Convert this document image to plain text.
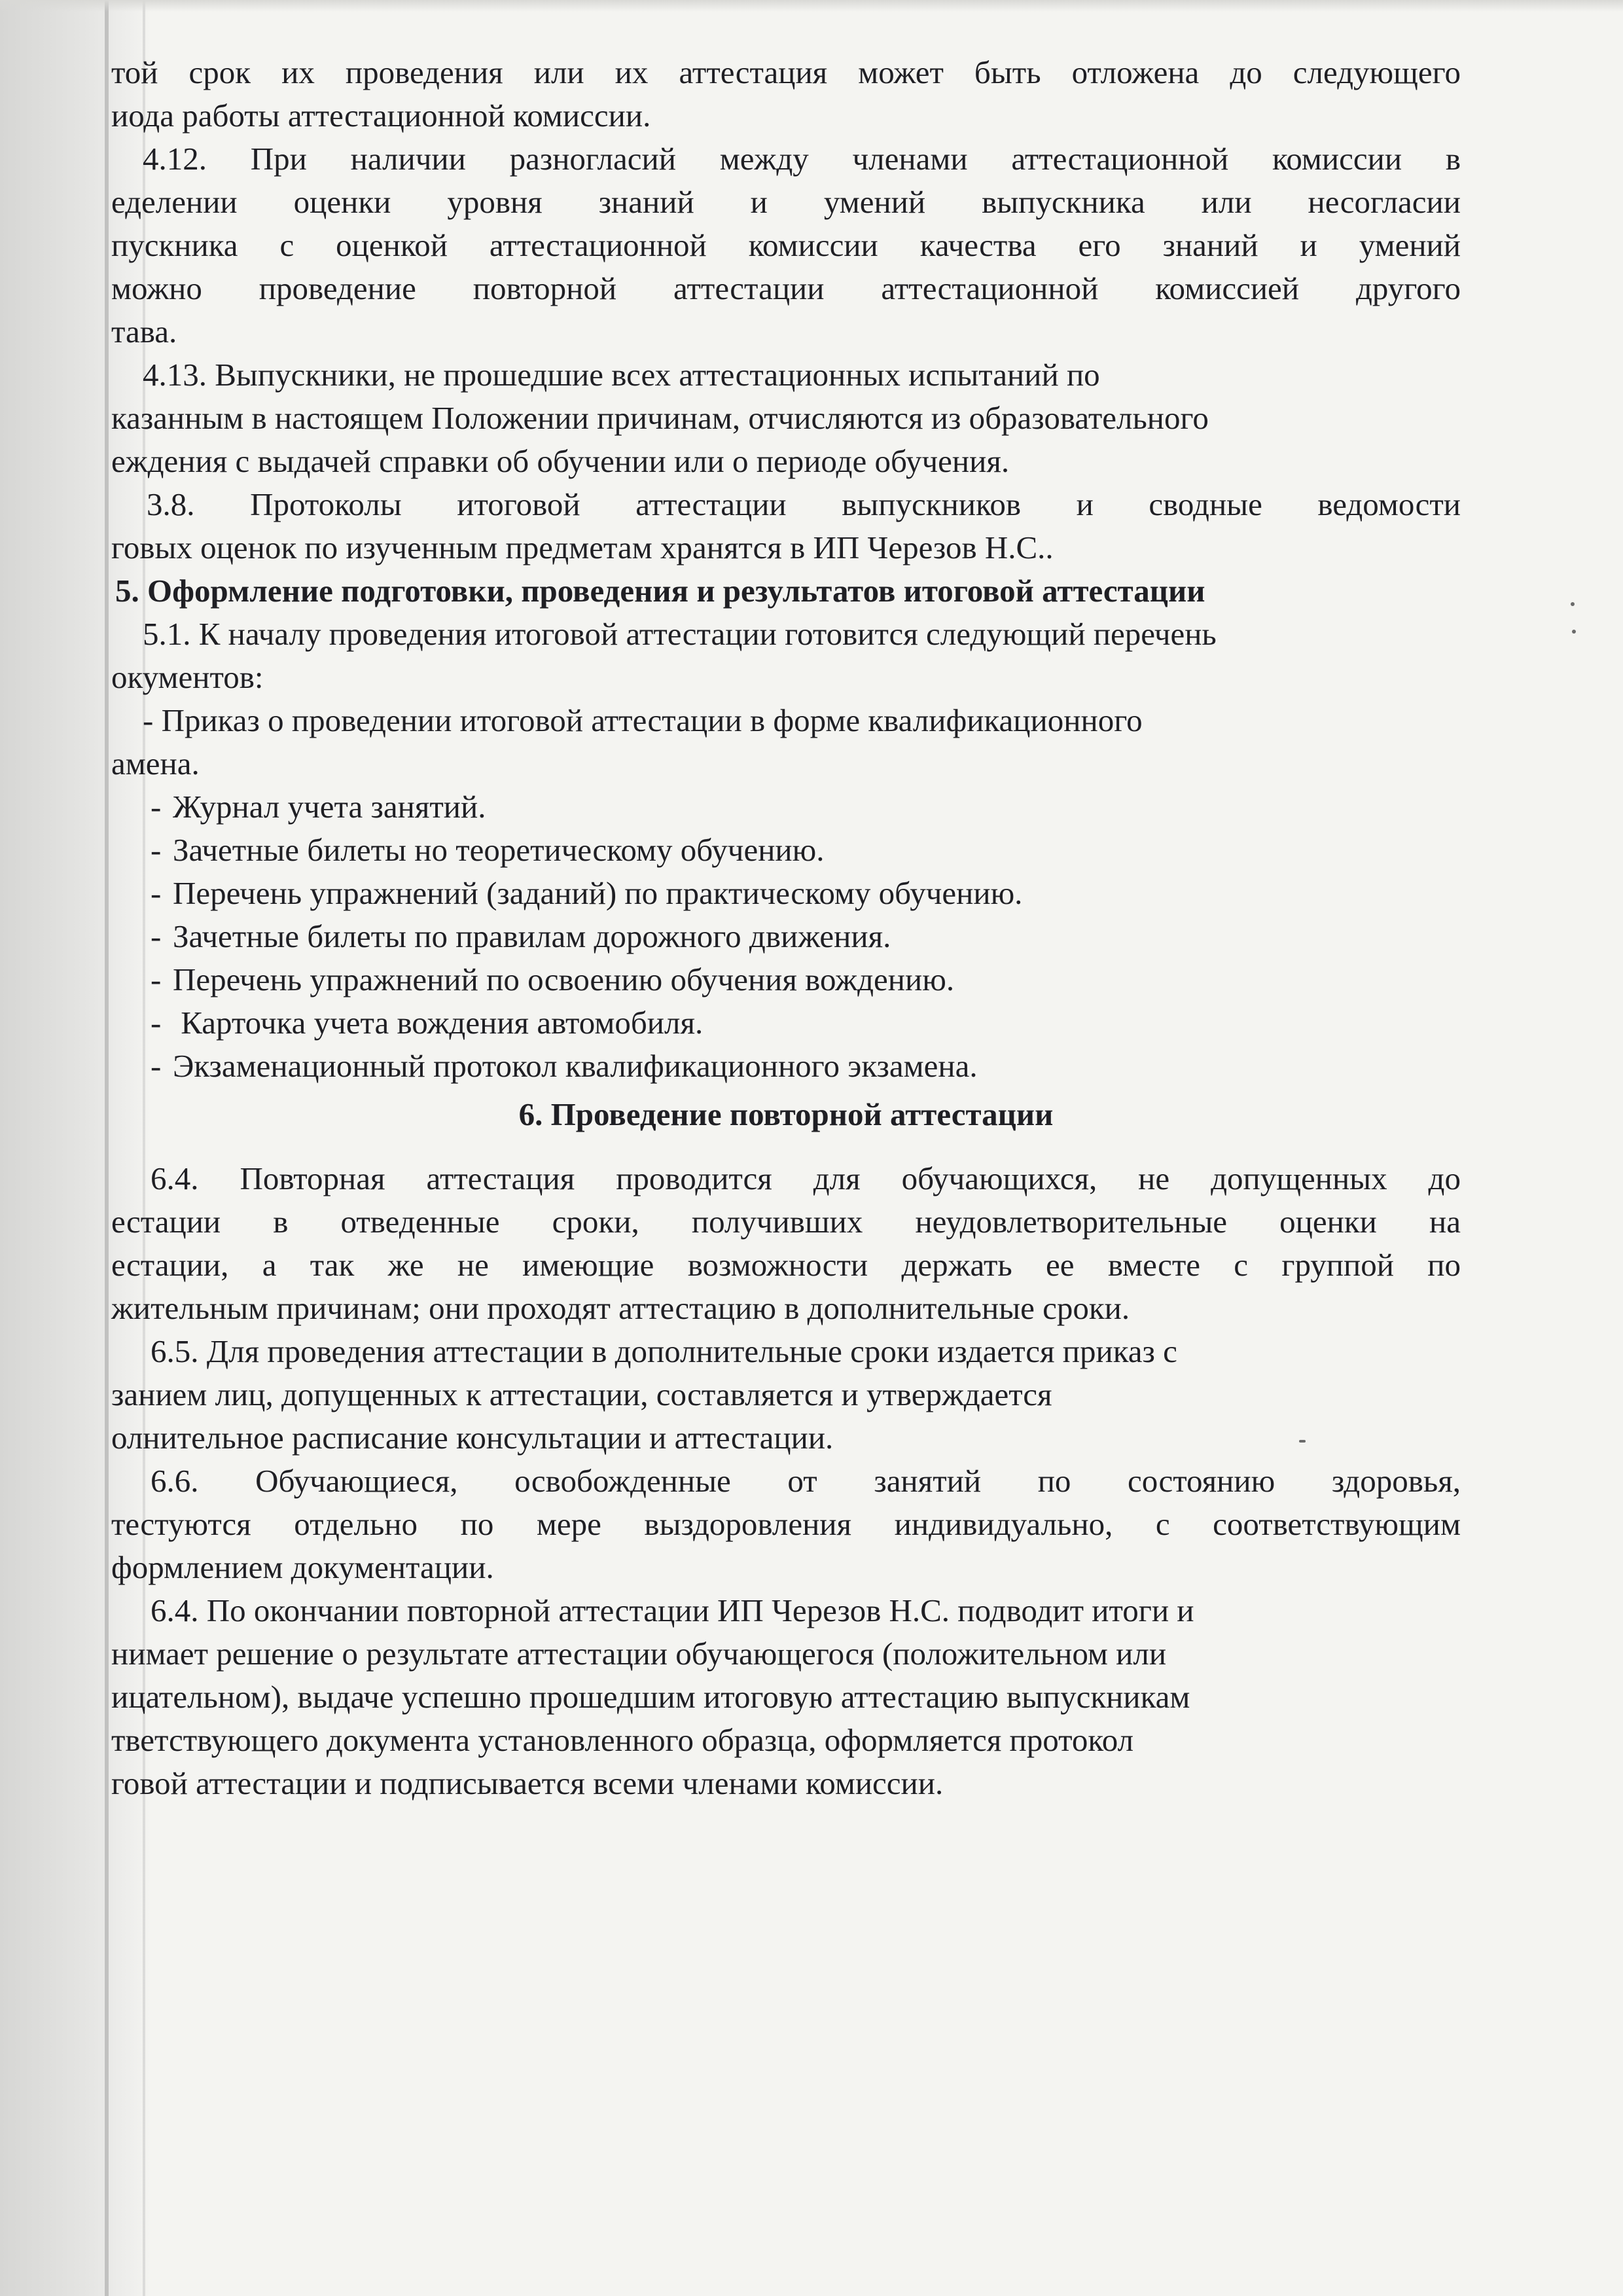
той срок их проведения или их аттестация может быть отложена до следующего
иода работы аттестационной комиссии.
4.12. При наличии разногласий между членами аттестационной комиссии в
еделении оценки уровня знаний и умений выпускника или несогласии
пускника с оценкой аттестационной комиссии качества его знаний и умений
можно проведение повторной аттестации аттестационной комиссией другого
тава.
4.13. Выпускники, не прошедшие всех аттестационных испытаний по
казанным в настоящем Положении причинам, отчисляются из образовательного
еждения с выдачей справки об обучении или о периоде обучения.
3.8. Протоколы итоговой аттестации выпускников и сводные ведомости
говых оценок по изученным предметам хранятся в ИП Черезов Н.С..
5. Оформление подготовки, проведения и результатов итоговой аттестации
5.1. К началу проведения итоговой аттестации готовится следующий перечень
окументов:
- Приказ о проведении итоговой аттестации в форме квалификационного
амена.
- Журнал учета занятий.
- Зачетные билеты но теоретическому обучению.
- Перечень упражнений (заданий) по практическому обучению.
- Зачетные билеты по правилам дорожного движения.
- Перечень упражнений по освоению обучения вождению.
- Карточка учета вождения автомобиля.
- Экзаменационный протокол квалификационного экзамена.
6. Проведение повторной аттестации
6.4. Повторная аттестация проводится для обучающихся, не допущенных до
естации в отведенные сроки, получивших неудовлетворительные оценки на
естации, а так же не имеющие возможности держать ее вместе с группой по
жительным причинам; они проходят аттестацию в дополнительные сроки.
6.5. Для проведения аттестации в дополнительные сроки издается приказ с
занием лиц, допущенных к аттестации, составляется и утверждается
олнительное расписание консультации и аттестации.
6.6. Обучающиеся, освобожденные от занятий по состоянию здоровья,
тестуются отдельно по мере выздоровления индивидуально, с соответствующим
формлением документации.
6.4. По окончании повторной аттестации ИП Черезов Н.С. подводит итоги и
нимает решение о результате аттестации обучающегося (положительном или
ицательном), выдаче успешно прошедшим итоговую аттестацию выпускникам
тветствующего документа установленного образца, оформляется протокол
говой аттестации и подписывается всеми членами комиссии.
